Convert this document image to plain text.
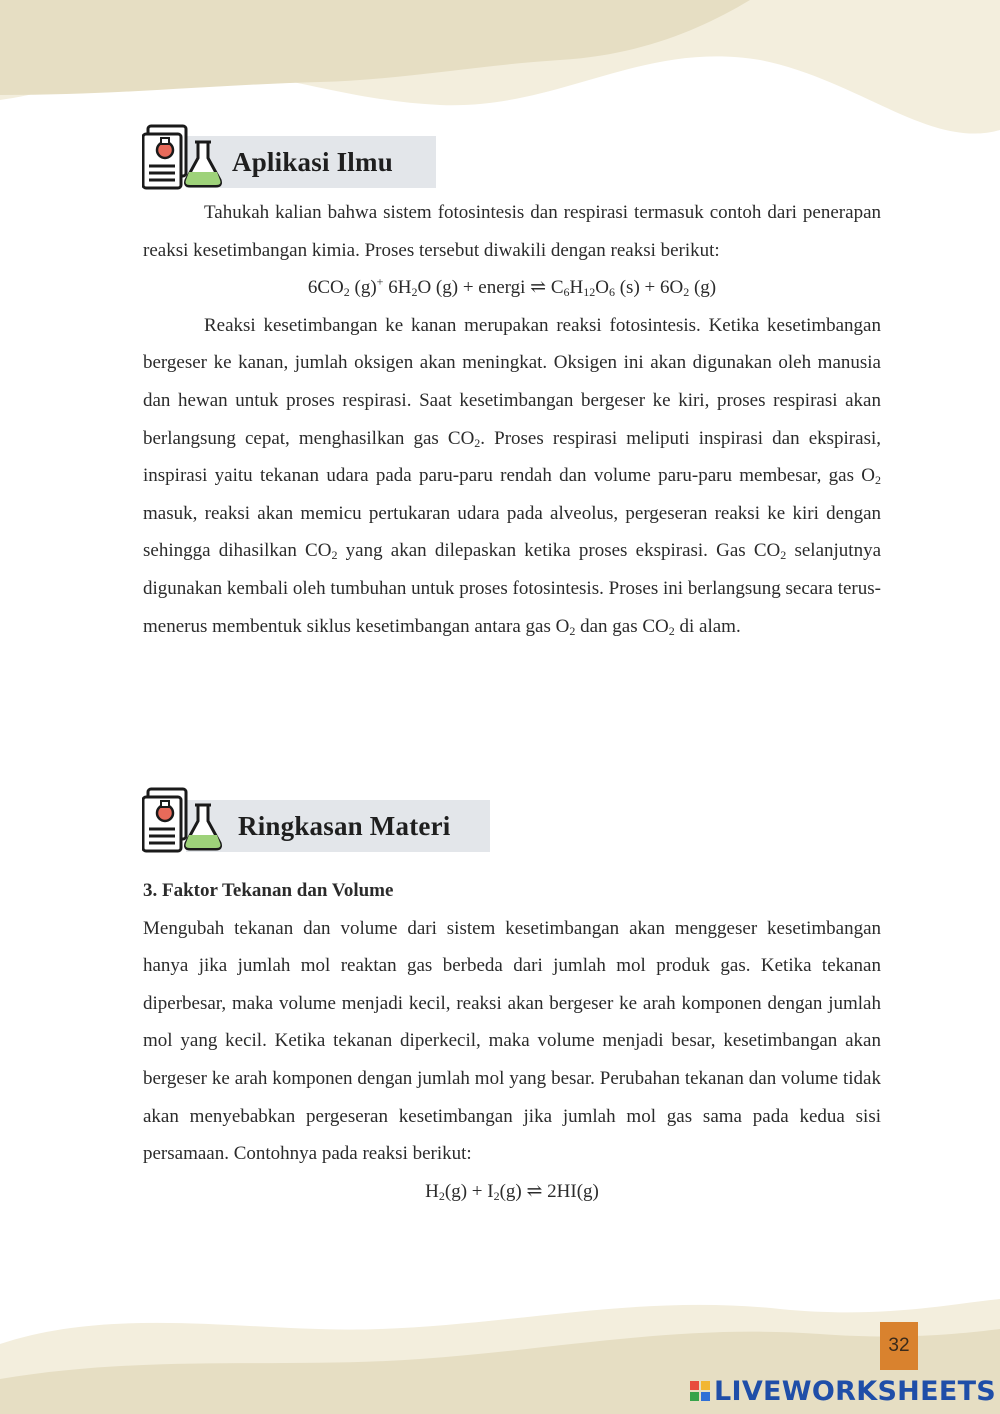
Aplikasi Ilmu

Tahukah kalian bahwa sistem fotosintesis dan respirasi termasuk contoh dari penerapan reaksi kesetimbangan kimia. Proses tersebut diwakili dengan reaksi berikut:

$6CO_2$ (g)+ $6H_2O$ (g) + energi ⇌ $C_6H_{12}O_6$ $(s) + 6O_2$ (g)

Reaksi kesetimbangan ke kanan merupakan reaksi fotosintesis. Ketika kesetimbangan bergeser ke kanan, jumlah oksigen akan meningkat. Oksigen ini akan digunakan oleh manusia dan hewan untuk proses respirasi. Saat kesetimbangan bergeser ke kiri, proses respirasi akan berlangsung cepat, menghasilkan gas $CO_2$. Proses respirasi meliputi inspirasi dan ekspirasi, inspirasi yaitu tekanan udara pada paru-paru rendah dan volume paru-paru membesar, gas $O_2$ masuk, reaksi akan memicu pertukaran udara pada alveolus, pergeseran reaksi ke kiri dengan sehingga dihasilkan $CO_2$ yang akan dilepaskan ketika proses ekspirasi. Gas $CO_2$ selanjutnya digunakan kembali oleh tumbuhan untuk proses fotosintesis. Proses ini berlangsung secara terus-menerus membentuk siklus kesetimbangan antara gas $O_2$ dan gas $CO_2$ di alam.

Ringkasan Materi

3. Faktor Tekanan dan Volume

Mengubah tekanan dan volume dari sistem kesetimbangan akan menggeser kesetimbangan hanya jika jumlah mol reaktan gas berbeda dari jumlah mol produk gas. Ketika tekanan diperbesar, maka volume menjadi kecil, reaksi akan bergeser ke arah komponen dengan jumlah mol yang kecil. Ketika tekanan diperkecil, maka volume menjadi besar, kesetimbangan akan bergeser ke arah komponen dengan jumlah mol yang besar. Perubahan tekanan dan volume tidak akan menyebabkan pergeseran kesetimbangan jika jumlah mol gas sama pada kedua sisi persamaan. Contohnya pada reaksi berikut:

$H_2(g) + I_2(g)$ ⇌ 2HI(g)

32
LIVEWORKSHEETS
